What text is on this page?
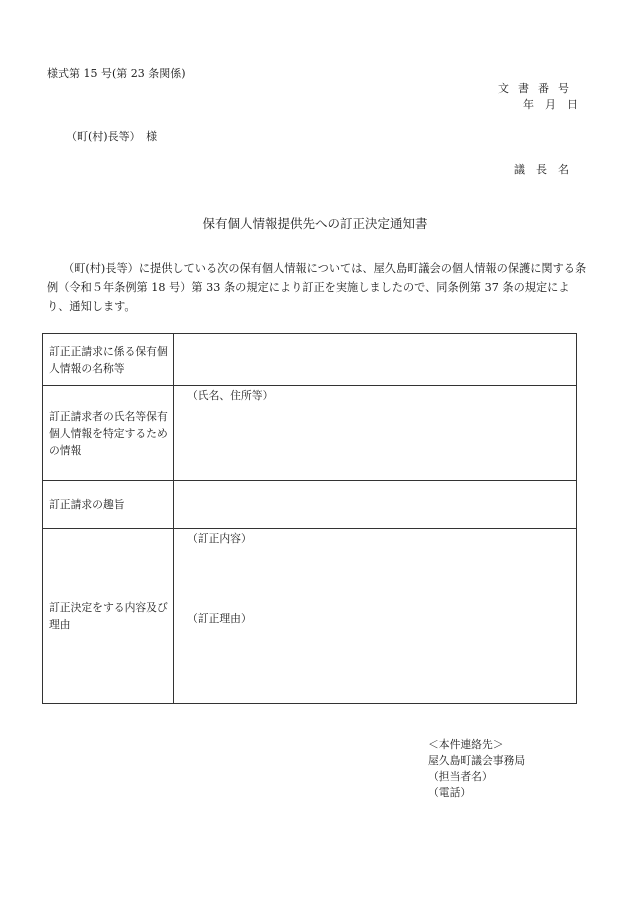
様式第 15 号(第 23 条関係)
文書番号
年　月　日
（町(村)長等）　様
議　長　名
保有個人情報提供先への訂正決定通知書
（町(村)長等）に提供している次の保有個人情報については、屋久島町議会の個人情報の保護に関する条例（令和５年条例第 18 号）第 33 条の規定により訂正を実施しましたので、同条例第 37 条の規定により、通知します。
訂正正請求に係る保有個人情報の名称等	
訂正請求者の氏名等保有個人情報を特定するための情報	（氏名、住所等）

訂正請求の趣旨	
訂正決定をする内容及び理由	（訂正内容）
（訂正理由）
＜本件連絡先＞
屋久島町議会事務局
（担当者名）
（電話）
